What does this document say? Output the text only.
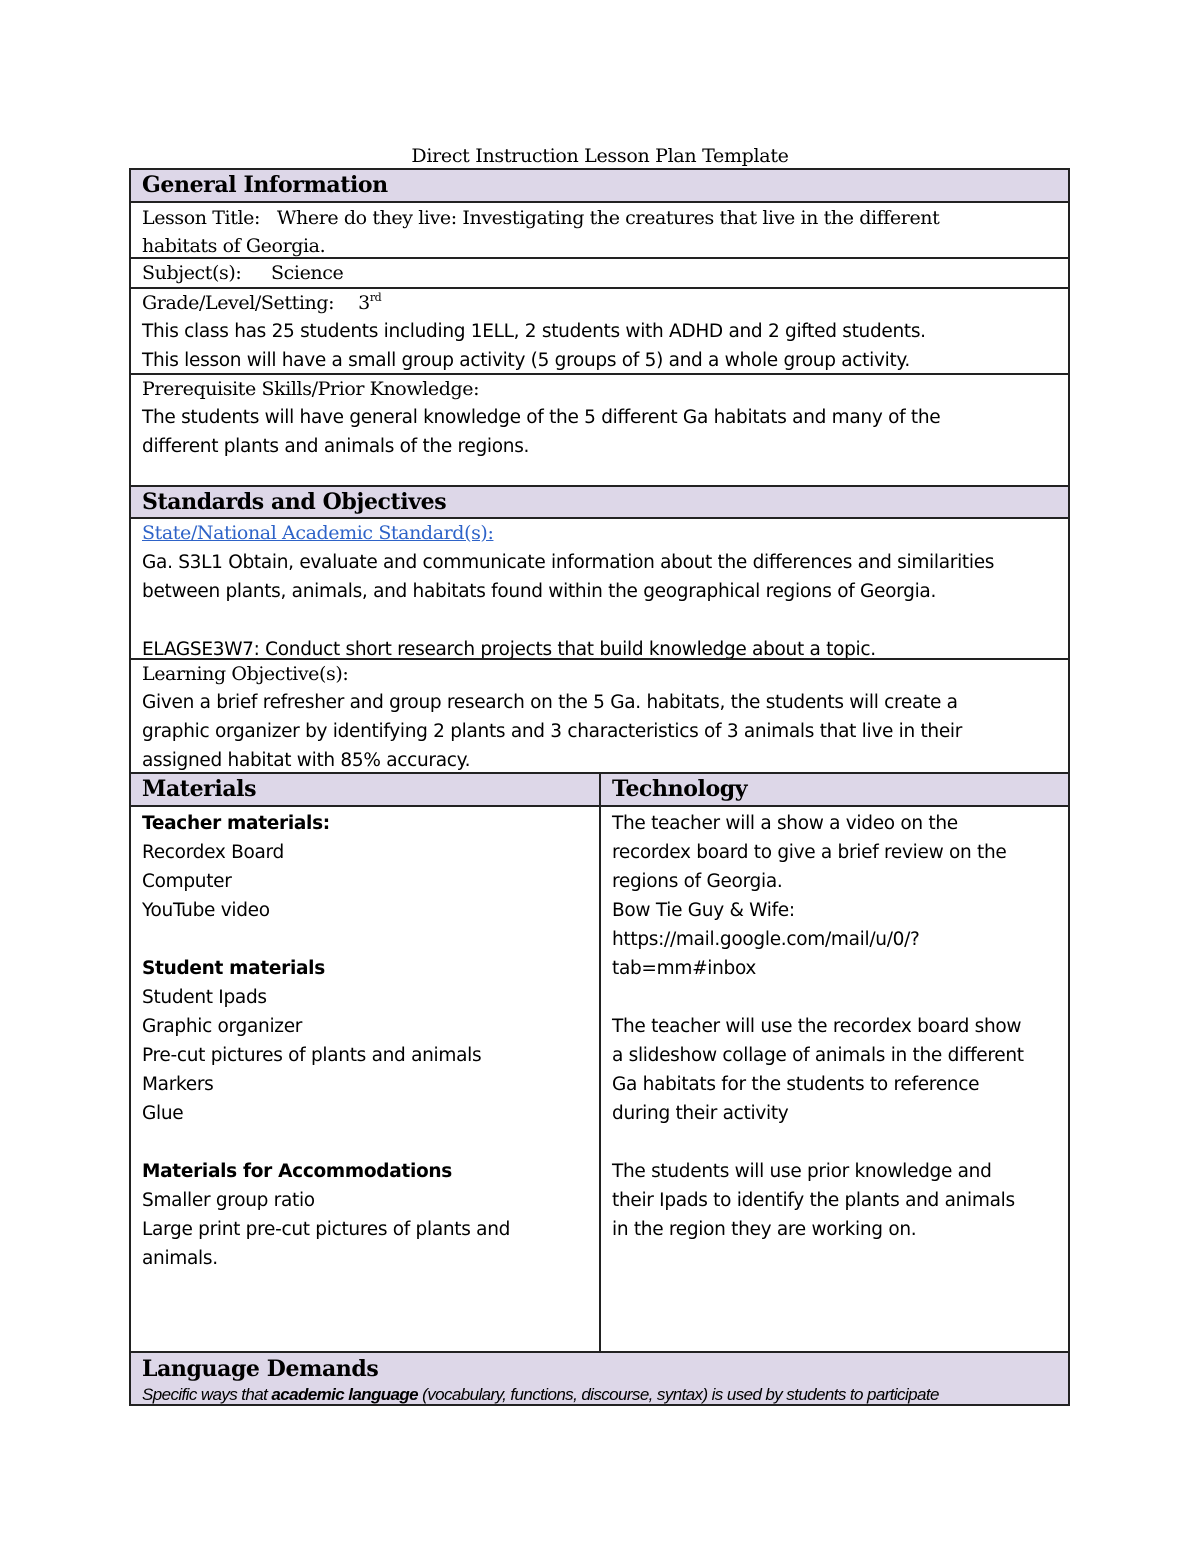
Direct Instruction Lesson Plan Template
General Information
Lesson Title: Where do they live: Investigating the creatures that live in the different
habitats of Georgia.
Subject(s): Science
Grade/Level/Setting: 3rd
This class has 25 students including 1ELL, 2 students with ADHD and 2 gifted students.
This lesson will have a small group activity (5 groups of 5) and a whole group activity.
Prerequisite Skills/Prior Knowledge:
The students will have general knowledge of the 5 different Ga habitats and many of the
different plants and animals of the regions.
Standards and Objectives
State/National Academic Standard(s):
Ga. S3L1 Obtain, evaluate and communicate information about the differences and similarities
between plants, animals, and habitats found within the geographical regions of Georgia.
ELAGSE3W7: Conduct short research projects that build knowledge about a topic.
Learning Objective(s):
Given a brief refresher and group research on the 5 Ga. habitats, the students will create a
graphic organizer by identifying 2 plants and 3 characteristics of 3 animals that live in their
assigned habitat with 85% accuracy.
Materials	Technology
Teacher materials:
Recordex Board
Computer
YouTube video
Student materials
Student Ipads
Graphic organizer
Pre-cut pictures of plants and animals
Markers
Glue
Materials for Accommodations
Smaller group ratio
Large print pre-cut pictures of plants and
animals.
The teacher will a show a video on the
recordex board to give a brief review on the
regions of Georgia.
Bow Tie Guy & Wife:
https://mail.google.com/mail/u/0/?
tab=mm#inbox
The teacher will use the recordex board show
a slideshow collage of animals in the different
Ga habitats for the students to reference
during their activity
The students will use prior knowledge and
their Ipads to identify the plants and animals
in the region they are working on.
Language Demands
Specific ways that academic language (vocabulary, functions, discourse, syntax) is used by students to participate
